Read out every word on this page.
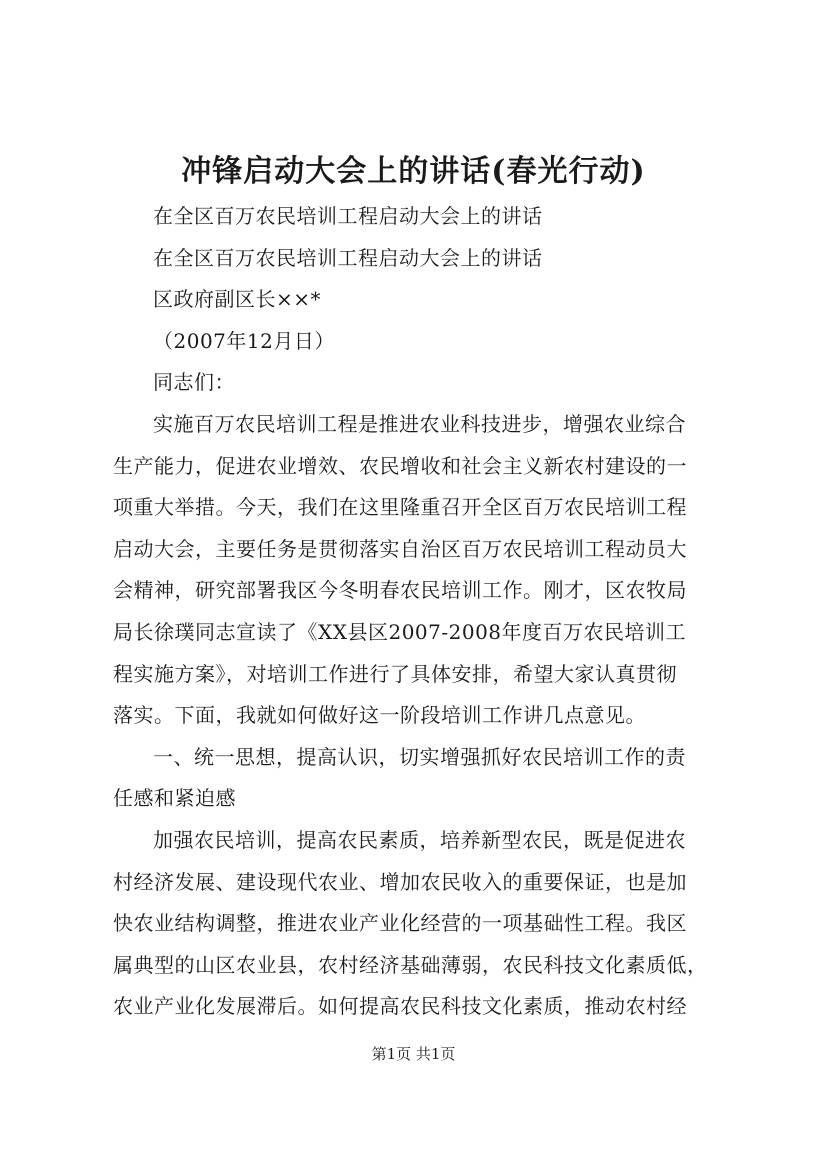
冲锋启动大会上的讲话(春光行动)

在全区百万农民培训工程启动大会上的讲话

在全区百万农民培训工程启动大会上的讲话

区政府副区长××*

（2007年12月日）

同志们：

实施百万农民培训工程是推进农业科技进步，增强农业综合

生产能力，促进农业增效、农民增收和社会主义新农村建设的一

项重大举措。今天，我们在这里隆重召开全区百万农民培训工程

启动大会，主要任务是贯彻落实自治区百万农民培训工程动员大

会精神，研究部署我区今冬明春农民培训工作。刚才，区农牧局

局长徐璞同志宣读了《XX县区2007-2008年度百万农民培训工

程实施方案》，对培训工作进行了具体安排，希望大家认真贯彻

落实。下面，我就如何做好这一阶段培训工作讲几点意见。

一、统一思想，提高认识，切实增强抓好农民培训工作的责

任感和紧迫感

加强农民培训，提高农民素质，培养新型农民，既是促进农

村经济发展、建设现代农业、增加农民收入的重要保证，也是加

快农业结构调整，推进农业产业化经营的一项基础性工程。我区

属典型的山区农业县，农村经济基础薄弱，农民科技文化素质低，

农业产业化发展滞后。如何提高农民科技文化素质，推动农村经

第1页 共1页
